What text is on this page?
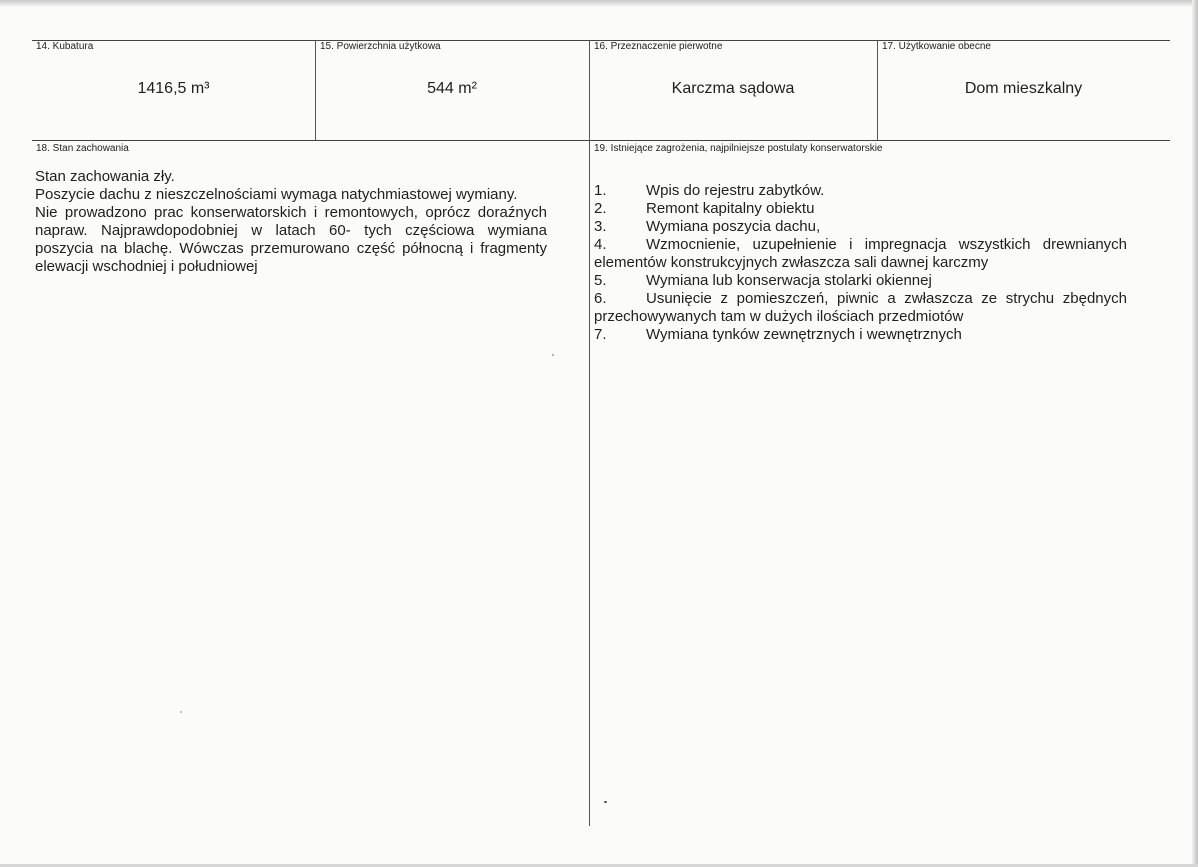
14. Kubatura
1416,5 m³
15. Powierzchnia użytkowa
544 m²
16. Przeznaczenie pierwotne
Karczma sądowa
17. Użytkowanie obecne
Dom mieszkalny
18. Stan zachowania
Stan zachowania zły.
Poszycie dachu z nieszczelnościami wymaga natychmiastowej wymiany.
Nie prowadzono prac konserwatorskich i remontowych, oprócz doraźnych
napraw. Najprawdopodobniej w latach 60- tych częściowa wymiana
poszycia na blachę. Wówczas przemurowano część północną i fragmenty
elewacji wschodniej i południowej
19. Istniejące zagrożenia, najpilniejsze postulaty konserwatorskie
1.	Wpis do rejestru zabytków.
2.	Remont kapitalny obiektu
3.	Wymiana poszycia dachu,
4.	Wzmocnienie, uzupełnienie i impregnacja wszystkich drewnianych
elementów konstrukcyjnych zwłaszcza sali dawnej karczmy
5.	Wymiana lub konserwacja stolarki okiennej
6.	Usunięcie z pomieszczeń, piwnic a zwłaszcza ze strychu zbędnych
przechowywanych tam w dużych ilościach przedmiotów
7.	Wymiana tynków zewnętrznych i wewnętrznych
